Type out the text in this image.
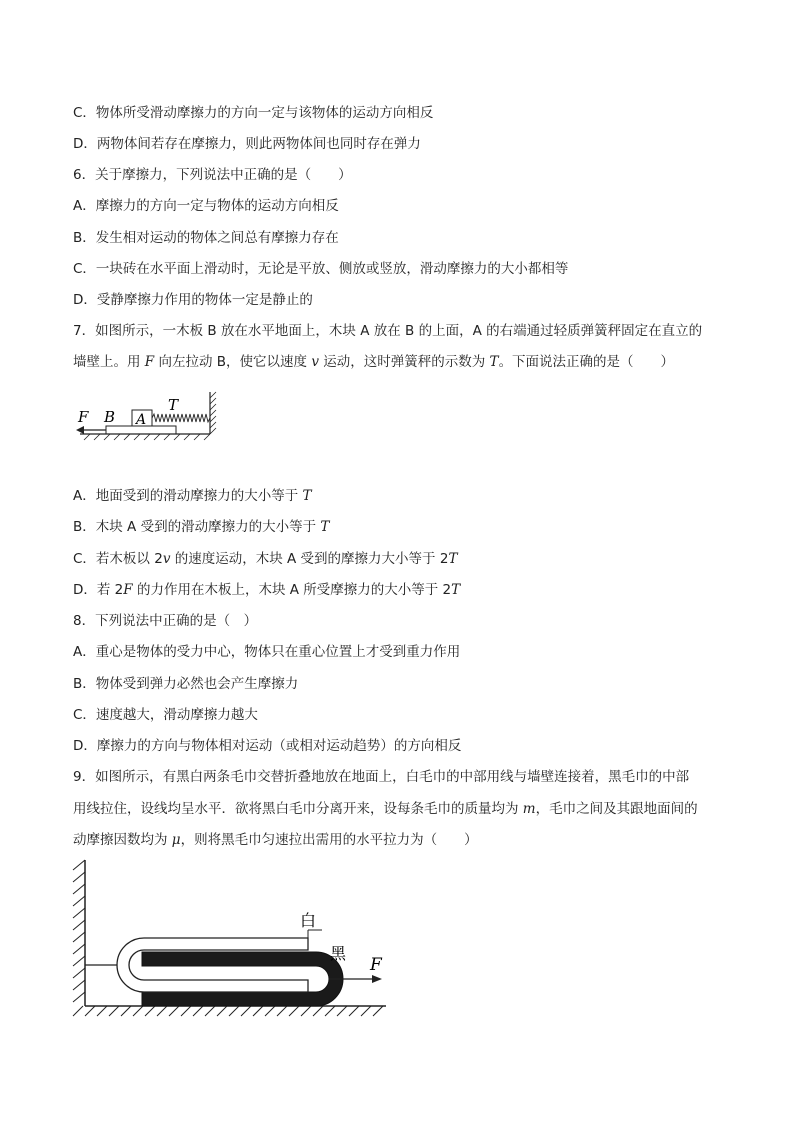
C．物体所受滑动摩擦力的方向一定与该物体的运动方向相反
D．两物体间若存在摩擦力，则此两物体间也同时存在弹力
6．关于摩擦力，下列说法中正确的是（　　）
A．摩擦力的方向一定与物体的运动方向相反
B．发生相对运动的物体之间总有摩擦力存在
C．一块砖在水平面上滑动时，无论是平放、侧放或竖放，滑动摩擦力的大小都相等
D．受静摩擦力作用的物体一定是静止的
7．如图所示，一木板 B 放在水平地面上，木块 A 放在 B 的上面，A 的右端通过轻质弹簧秤固定在直立的
墙壁上。用 F 向左拉动 B，使它以速度 v 运动，这时弹簧秤的示数为 T。下面说法正确的是（　　）
F B A
T
A．地面受到的滑动摩擦力的大小等于 T
B．木块 A 受到的滑动摩擦力的大小等于 T
C．若木板以 2v 的速度运动，木块 A 受到的摩擦力大小等于 2T
D．若 2F 的力作用在木板上，木块 A 所受摩擦力的大小等于 2T
8．下列说法中正确的是（　）
A．重心是物体的受力中心，物体只在重心位置上才受到重力作用
B．物体受到弹力必然也会产生摩擦力
C．速度越大，滑动摩擦力越大
D．摩擦力的方向与物体相对运动（或相对运动趋势）的方向相反
9．如图所示，有黑白两条毛巾交替折叠地放在地面上，白毛巾的中部用线与墙壁连接着，黑毛巾的中部
用线拉住，设线均呈水平．欲将黑白毛巾分离开来，设每条毛巾的质量均为 m，毛巾之间及其跟地面间的
动摩擦因数均为 μ，则将黑毛巾匀速拉出需用的水平拉力为（　　）
白
黑
F
